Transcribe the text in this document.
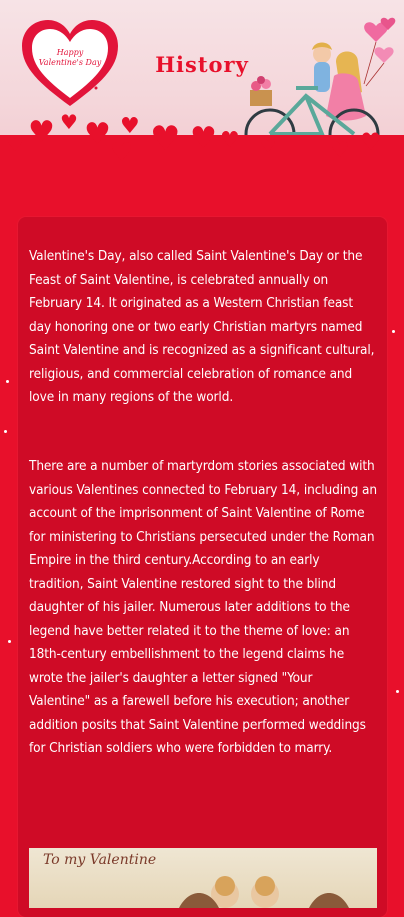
Happy Valentine's Day	History
♥ ♥ ♥ ♥ ♥ ♥ ♥	♥
♥	♥	♥ ♥

Valentine's Day, also called Saint Valentine's Day or the Feast of Saint Valentine, is celebrated annually on February 14. It originated as a Western Christian feast day honoring one or two early Christian martyrs named Saint Valentine and is recognized as a significant cultural, religious, and commercial celebration of romance and love in many regions of the world.

There are a number of martyrdom stories associated with various Valentines connected to February 14, including an account of the imprisonment of Saint Valentine of Rome for ministering to Christians persecuted under the Roman Empire in the third century.According to an early tradition, Saint Valentine restored sight to the blind daughter of his jailer. Numerous later additions to the legend have better related it to the theme of love: an 18th-century embellishment to the legend claims he wrote the jailer's daughter a letter signed "Your Valentine" as a farewell before his execution; another addition posits that Saint Valentine performed weddings for Christian soldiers who were forbidden to marry.

To my Valentine
